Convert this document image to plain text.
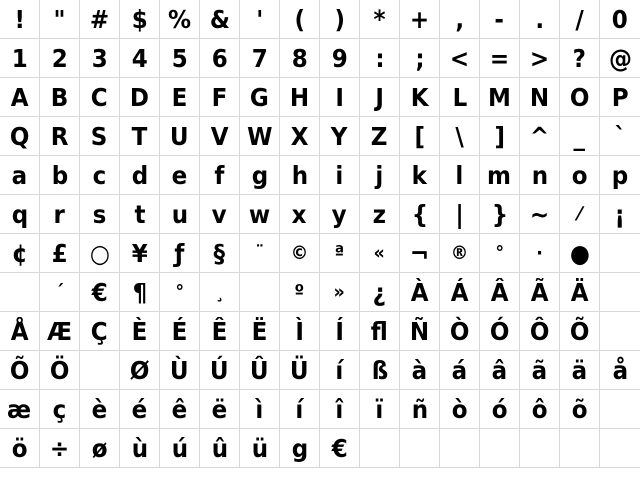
! " # $ % & ' ( ) * + , - . / 0
1 2 3 4 5 6 7 8 9 : ; < = > ? @
A B C D E F G H I J K L M N O P
Q R S T U V W X Y Z [ \ ] ^ _ `
a b c d e f g h i j k l m n o p
q r s t u v w x y z { | } ~ ⁄ ¡
¢ £ ○ ¥ ƒ § ¨ © ª « ¬ ® ° · ●
´ € ¶ ° ¸	º » ¿ À Á Â Ã Ä
Å Æ Ç È É Ê Ë Ì Í ﬂ Ñ Ò Ó Ô Õ
Õ Ö Ø Ù Ú Û Ü í ß à á â ã ä å
æ ç è é ê ë ì í î ï ñ ò ó ô õ
ö ÷ ø ù ú û ü g €
